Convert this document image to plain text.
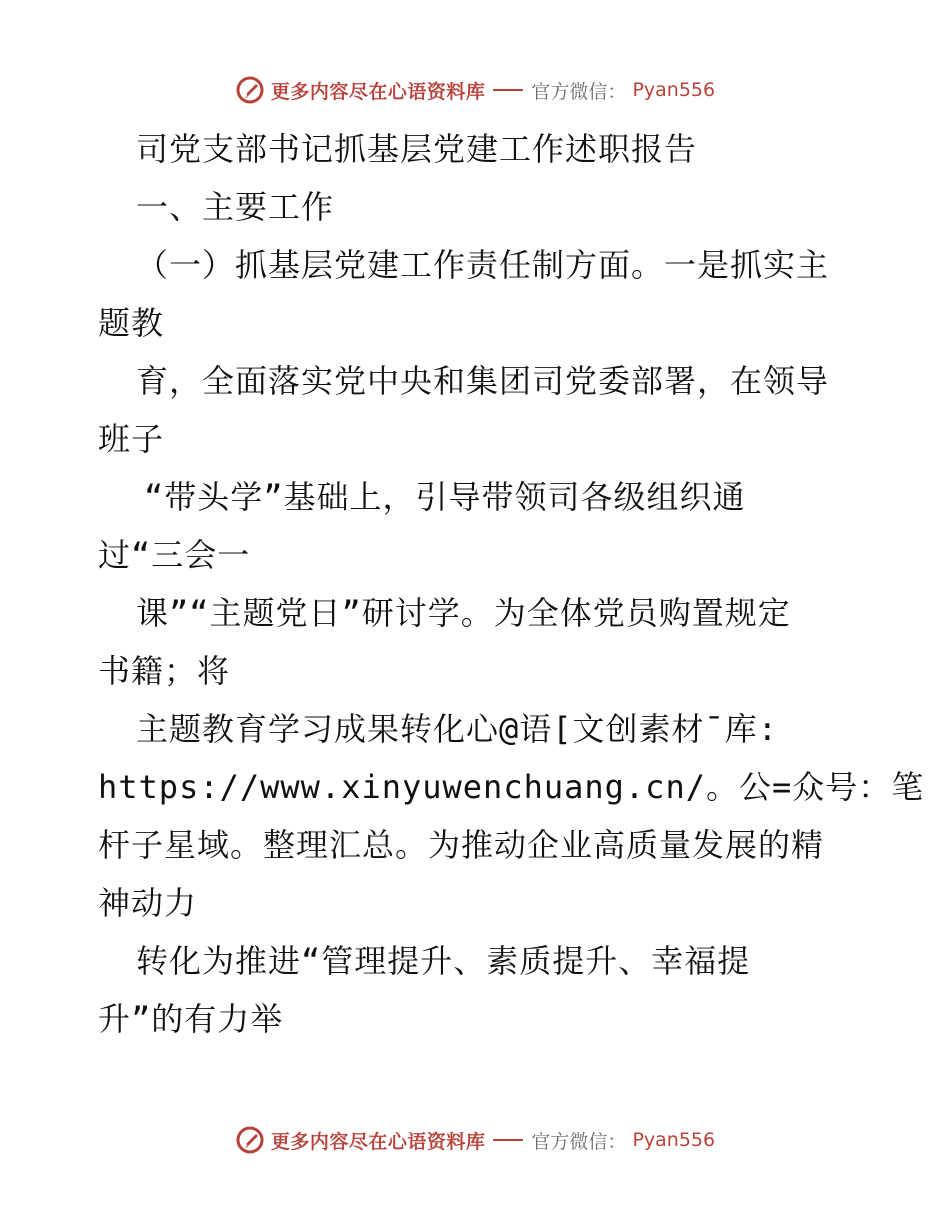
更多内容尽在心语资料库 官方微信： Pyan556
司党支部书记抓基层党建工作述职报告
一、主要工作
（一）抓基层党建工作责任制方面。一是抓实主
题教
育，全面落实党中央和集团司党委部署，在领导
班子
“带头学”基础上，引导带领司各级组织通
过“三会一
课”“主题党日”研讨学。为全体党员购置规定
书籍；将
主题教育学习成果转化心@语[文创素材¯库:
https://www.xinyuwenchuang.cn/。公=众号：笔
杆子星域。整理汇总。为推动企业高质量发展的精
神动力
转化为推进“管理提升、素质提升、幸福提
升”的有力举
更多内容尽在心语资料库 官方微信： Pyan556
